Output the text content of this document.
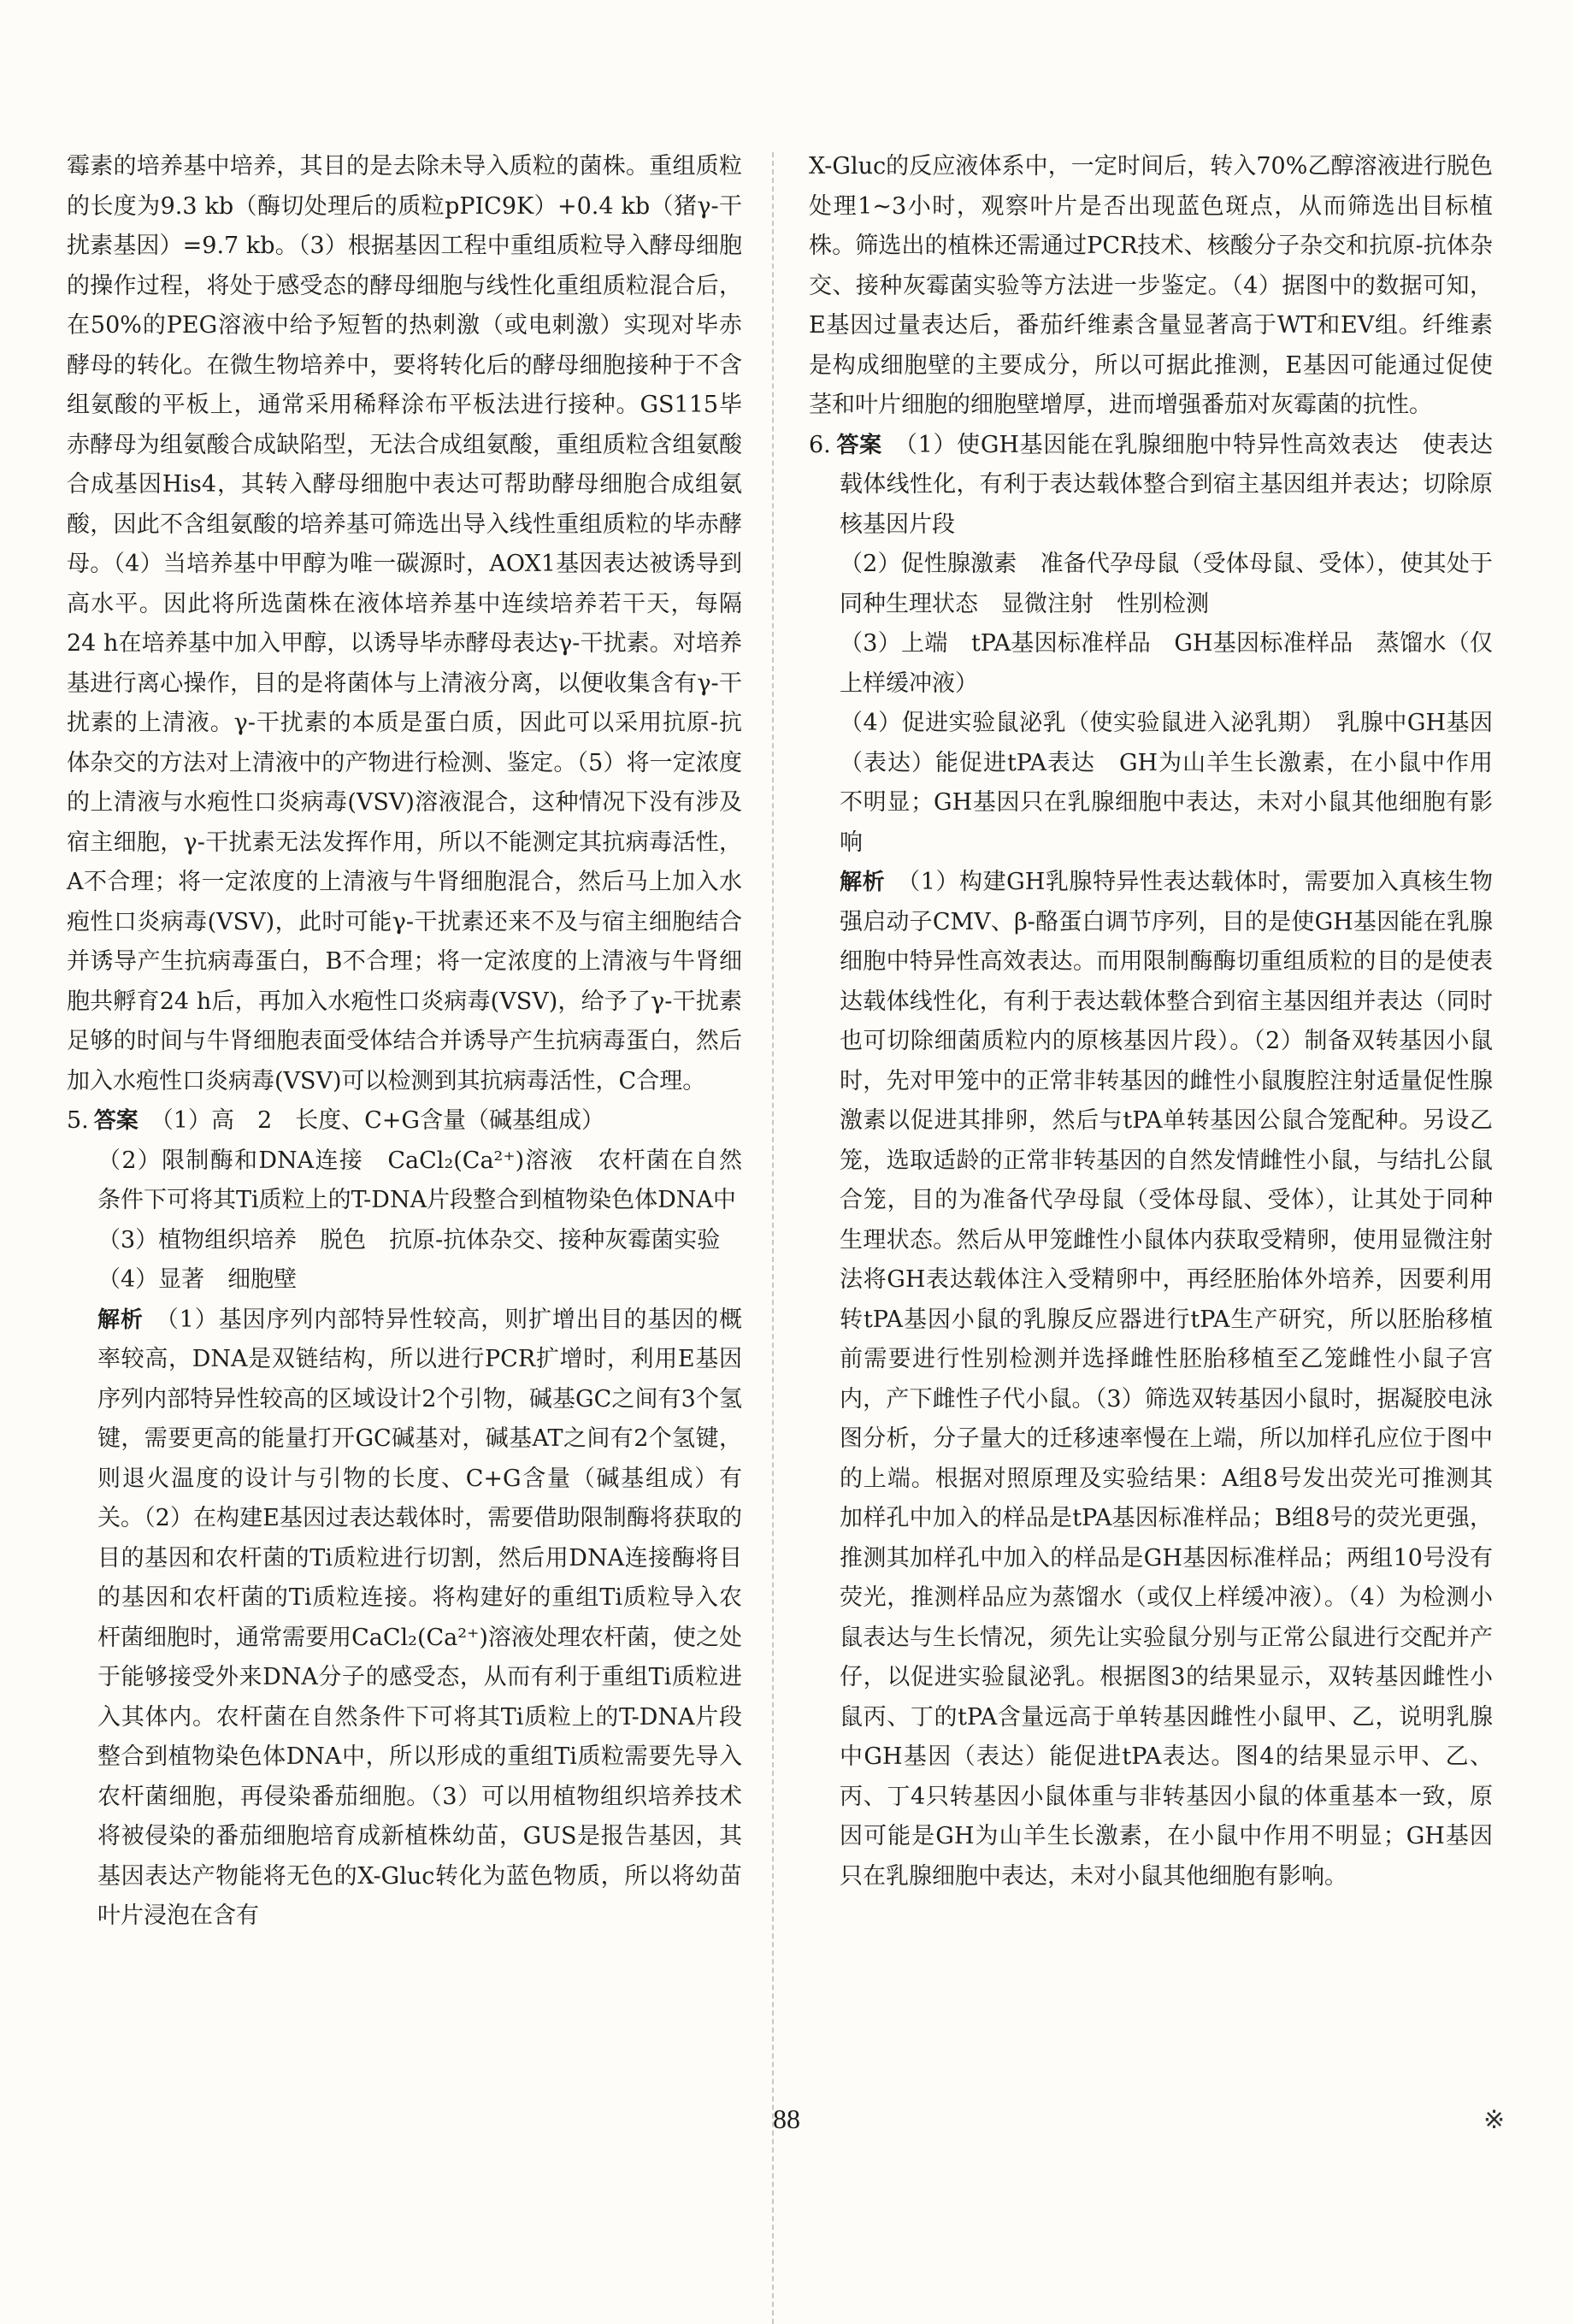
霉素的培养基中培养，其目的是去除未导入质粒的菌株。重组质粒的长度为9.3 kb（酶切处理后的质粒pPIC9K）+0.4 kb（猪γ-干扰素基因）=9.7 kb。（3）根据基因工程中重组质粒导入酵母细胞的操作过程，将处于感受态的酵母细胞与线性化重组质粒混合后，在50%的PEG溶液中给予短暂的热刺激（或电刺激）实现对毕赤酵母的转化。在微生物培养中，要将转化后的酵母细胞接种于不含组氨酸的平板上，通常采用稀释涂布平板法进行接种。GS115毕赤酵母为组氨酸合成缺陷型，无法合成组氨酸，重组质粒含组氨酸合成基因His4，其转入酵母细胞中表达可帮助酵母细胞合成组氨酸，因此不含组氨酸的培养基可筛选出导入线性重组质粒的毕赤酵母。（4）当培养基中甲醇为唯一碳源时，AOX1基因表达被诱导到高水平。因此将所选菌株在液体培养基中连续培养若干天，每隔24 h在培养基中加入甲醇，以诱导毕赤酵母表达γ-干扰素。对培养基进行离心操作，目的是将菌体与上清液分离，以便收集含有γ-干扰素的上清液。γ-干扰素的本质是蛋白质，因此可以采用抗原-抗体杂交的方法对上清液中的产物进行检测、鉴定。（5）将一定浓度的上清液与水疱性口炎病毒(VSV)溶液混合，这种情况下没有涉及宿主细胞，γ-干扰素无法发挥作用，所以不能测定其抗病毒活性，A不合理；将一定浓度的上清液与牛肾细胞混合，然后马上加入水疱性口炎病毒(VSV)，此时可能γ-干扰素还来不及与宿主细胞结合并诱导产生抗病毒蛋白，B不合理；将一定浓度的上清液与牛肾细胞共孵育24 h后，再加入水疱性口炎病毒(VSV)，给予了γ-干扰素足够的时间与牛肾细胞表面受体结合并诱导产生抗病毒蛋白，然后加入水疱性口炎病毒(VSV)可以检测到其抗病毒活性，C合理。

5. 答案 （1）高　2　长度、C+G含量（碱基组成）

（2）限制酶和DNA连接　CaCl₂(Ca²⁺)溶液　农杆菌在自然条件下可将其Ti质粒上的T-DNA片段整合到植物染色体DNA中

（3）植物组织培养　脱色　抗原-抗体杂交、接种灰霉菌实验

（4）显著　细胞壁

解析 （1）基因序列内部特异性较高，则扩增出目的基因的概率较高，DNA是双链结构，所以进行PCR扩增时，利用E基因序列内部特异性较高的区域设计2个引物，碱基GC之间有3个氢键，需要更高的能量打开GC碱基对，碱基AT之间有2个氢键，则退火温度的设计与引物的长度、C+G含量（碱基组成）有关。（2）在构建E基因过表达载体时，需要借助限制酶将获取的目的基因和农杆菌的Ti质粒进行切割，然后用DNA连接酶将目的基因和农杆菌的Ti质粒连接。将构建好的重组Ti质粒导入农杆菌细胞时，通常需要用CaCl₂(Ca²⁺)溶液处理农杆菌，使之处于能够接受外来DNA分子的感受态，从而有利于重组Ti质粒进入其体内。农杆菌在自然条件下可将其Ti质粒上的T-DNA片段整合到植物染色体DNA中，所以形成的重组Ti质粒需要先导入农杆菌细胞，再侵染番茄细胞。（3）可以用植物组织培养技术将被侵染的番茄细胞培育成新植株幼苗，GUS是报告基因，其基因表达产物能将无色的X-Gluc转化为蓝色物质，所以将幼苗叶片浸泡在含有

X-Gluc的反应液体系中，一定时间后，转入70%乙醇溶液进行脱色处理1~3小时，观察叶片是否出现蓝色斑点，从而筛选出目标植株。筛选出的植株还需通过PCR技术、核酸分子杂交和抗原-抗体杂交、接种灰霉菌实验等方法进一步鉴定。（4）据图中的数据可知，E基因过量表达后，番茄纤维素含量显著高于WT和EV组。纤维素是构成细胞壁的主要成分，所以可据此推测，E基因可能通过促使茎和叶片细胞的细胞壁增厚，进而增强番茄对灰霉菌的抗性。

6. 答案 （1）使GH基因能在乳腺细胞中特异性高效表达　使表达载体线性化，有利于表达载体整合到宿主基因组并表达；切除原核基因片段

（2）促性腺激素　准备代孕母鼠（受体母鼠、受体），使其处于同种生理状态　显微注射　性别检测

（3）上端　tPA基因标准样品　GH基因标准样品　蒸馏水（仅上样缓冲液）

（4）促进实验鼠泌乳（使实验鼠进入泌乳期）　乳腺中GH基因（表达）能促进tPA表达　GH为山羊生长激素，在小鼠中作用不明显；GH基因只在乳腺细胞中表达，未对小鼠其他细胞有影响

解析 （1）构建GH乳腺特异性表达载体时，需要加入真核生物强启动子CMV、β-酪蛋白调节序列，目的是使GH基因能在乳腺细胞中特异性高效表达。而用限制酶酶切重组质粒的目的是使表达载体线性化，有利于表达载体整合到宿主基因组并表达（同时也可切除细菌质粒内的原核基因片段）。（2）制备双转基因小鼠时，先对甲笼中的正常非转基因的雌性小鼠腹腔注射适量促性腺激素以促进其排卵，然后与tPA单转基因公鼠合笼配种。另设乙笼，选取适龄的正常非转基因的自然发情雌性小鼠，与结扎公鼠合笼，目的为准备代孕母鼠（受体母鼠、受体），让其处于同种生理状态。然后从甲笼雌性小鼠体内获取受精卵，使用显微注射法将GH表达载体注入受精卵中，再经胚胎体外培养，因要利用转tPA基因小鼠的乳腺反应器进行tPA生产研究，所以胚胎移植前需要进行性别检测并选择雌性胚胎移植至乙笼雌性小鼠子宫内，产下雌性子代小鼠。（3）筛选双转基因小鼠时，据凝胶电泳图分析，分子量大的迁移速率慢在上端，所以加样孔应位于图中的上端。根据对照原理及实验结果：A组8号发出荧光可推测其加样孔中加入的样品是tPA基因标准样品；B组8号的荧光更强，推测其加样孔中加入的样品是GH基因标准样品；两组10号没有荧光，推测样品应为蒸馏水（或仅上样缓冲液）。（4）为检测小鼠表达与生长情况，须先让实验鼠分别与正常公鼠进行交配并产仔，以促进实验鼠泌乳。根据图3的结果显示，双转基因雌性小鼠丙、丁的tPA含量远高于单转基因雌性小鼠甲、乙，说明乳腺中GH基因（表达）能促进tPA表达。图4的结果显示甲、乙、丙、丁4只转基因小鼠体重与非转基因小鼠的体重基本一致，原因可能是GH为山羊生长激素，在小鼠中作用不明显；GH基因只在乳腺细胞中表达，未对小鼠其他细胞有影响。

88	※
